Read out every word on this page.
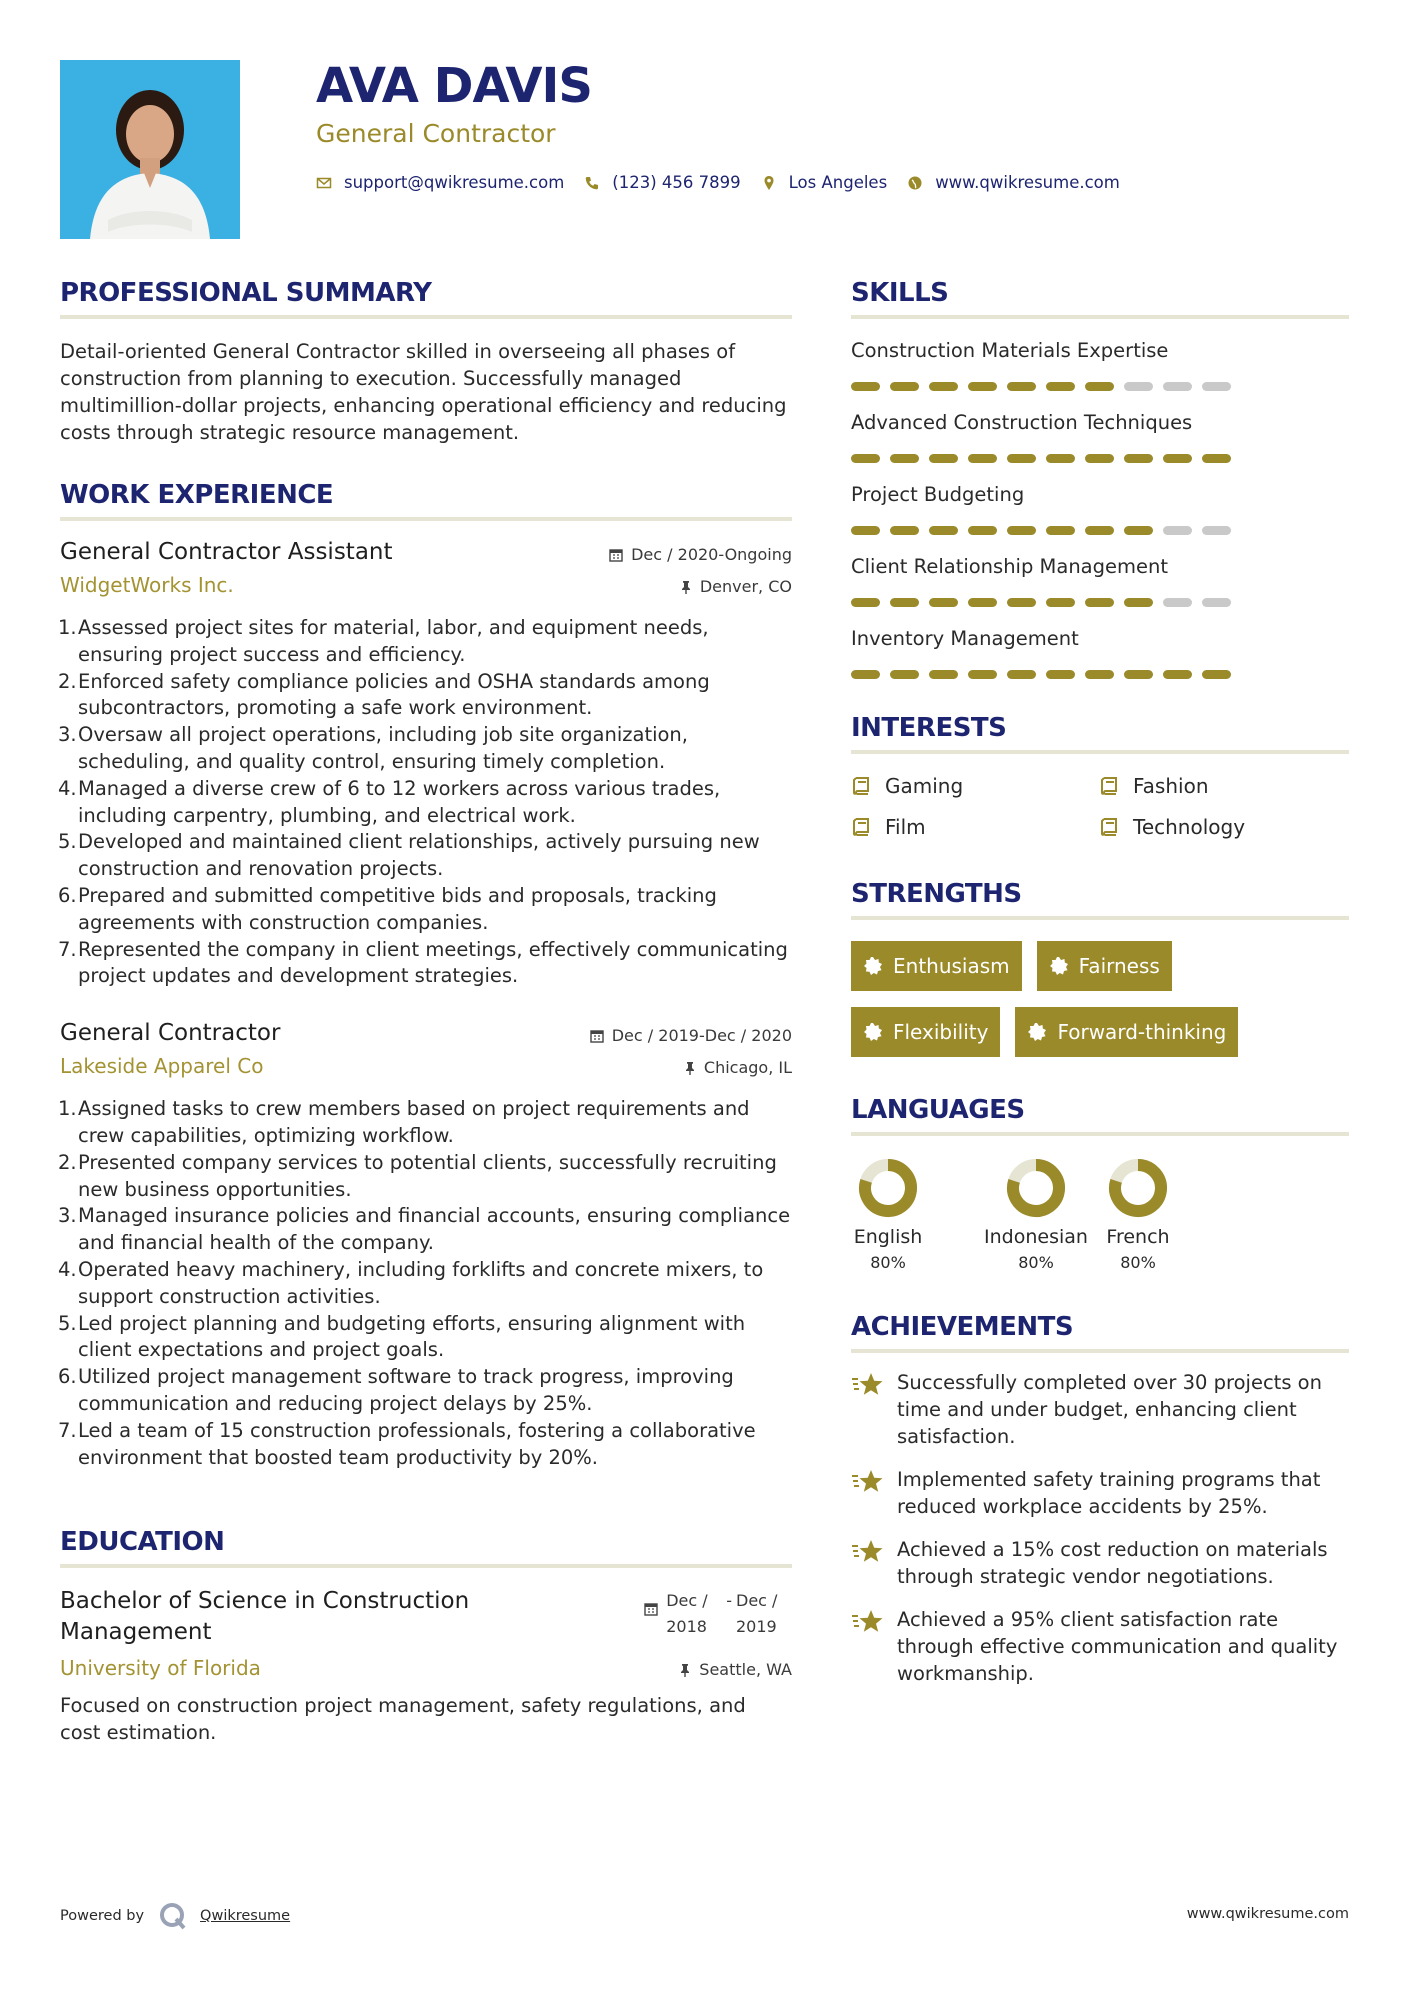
AVA DAVIS
General Contractor
support@qwikresume.com	(123) 456 7899	Los Angeles	www.qwikresume.com
PROFESSIONAL SUMMARY
Detail-oriented General Contractor skilled in overseeing all phases of construction from planning to execution. Successfully managed multimillion-dollar projects, enhancing operational efficiency and reducing costs through strategic resource management.
WORK EXPERIENCE
General Contractor Assistant	Dec / 2020-Ongoing
WidgetWorks Inc.	Denver, CO
1. Assessed project sites for material, labor, and equipment needs, ensuring project success and efficiency.
2. Enforced safety compliance policies and OSHA standards among subcontractors, promoting a safe work environment.
3. Oversaw all project operations, including job site organization, scheduling, and quality control, ensuring timely completion.
4. Managed a diverse crew of 6 to 12 workers across various trades, including carpentry, plumbing, and electrical work.
5. Developed and maintained client relationships, actively pursuing new construction and renovation projects.
6. Prepared and submitted competitive bids and proposals, tracking agreements with construction companies.
7. Represented the company in client meetings, effectively communicating project updates and development strategies.
General Contractor	Dec / 2019-Dec / 2020
Lakeside Apparel Co	Chicago, IL
1. Assigned tasks to crew members based on project requirements and crew capabilities, optimizing workflow.
2. Presented company services to potential clients, successfully recruiting new business opportunities.
3. Managed insurance policies and financial accounts, ensuring compliance and financial health of the company.
4. Operated heavy machinery, including forklifts and concrete mixers, to support construction activities.
5. Led project planning and budgeting efforts, ensuring alignment with client expectations and project goals.
6. Utilized project management software to track progress, improving communication and reducing project delays by 25%.
7. Led a team of 15 construction professionals, fostering a collaborative environment that boosted team productivity by 20%.
EDUCATION
Bachelor of Science in Construction Management
Dec / 2018
- Dec / 2019
University of Florida	Seattle, WA
Focused on construction project management, safety regulations, and cost estimation.
SKILLS
Construction Materials Expertise
Advanced Construction Techniques
Project Budgeting
Client Relationship Management
Inventory Management
INTERESTS
Gaming	Fashion
Film	Technology
STRENGTHS
Enthusiasm	Fairness
Flexibility	Forward-thinking
LANGUAGES
English
80%
Indonesian
80%
French
80%
ACHIEVEMENTS
Successfully completed over 30 projects on time and under budget, enhancing client satisfaction.
Implemented safety training programs that reduced workplace accidents by 25%.
Achieved a 15% cost reduction on materials through strategic vendor negotiations.
Achieved a 95% client satisfaction rate through effective communication and quality workmanship.
Powered by	Qwikresume	www.qwikresume.com
